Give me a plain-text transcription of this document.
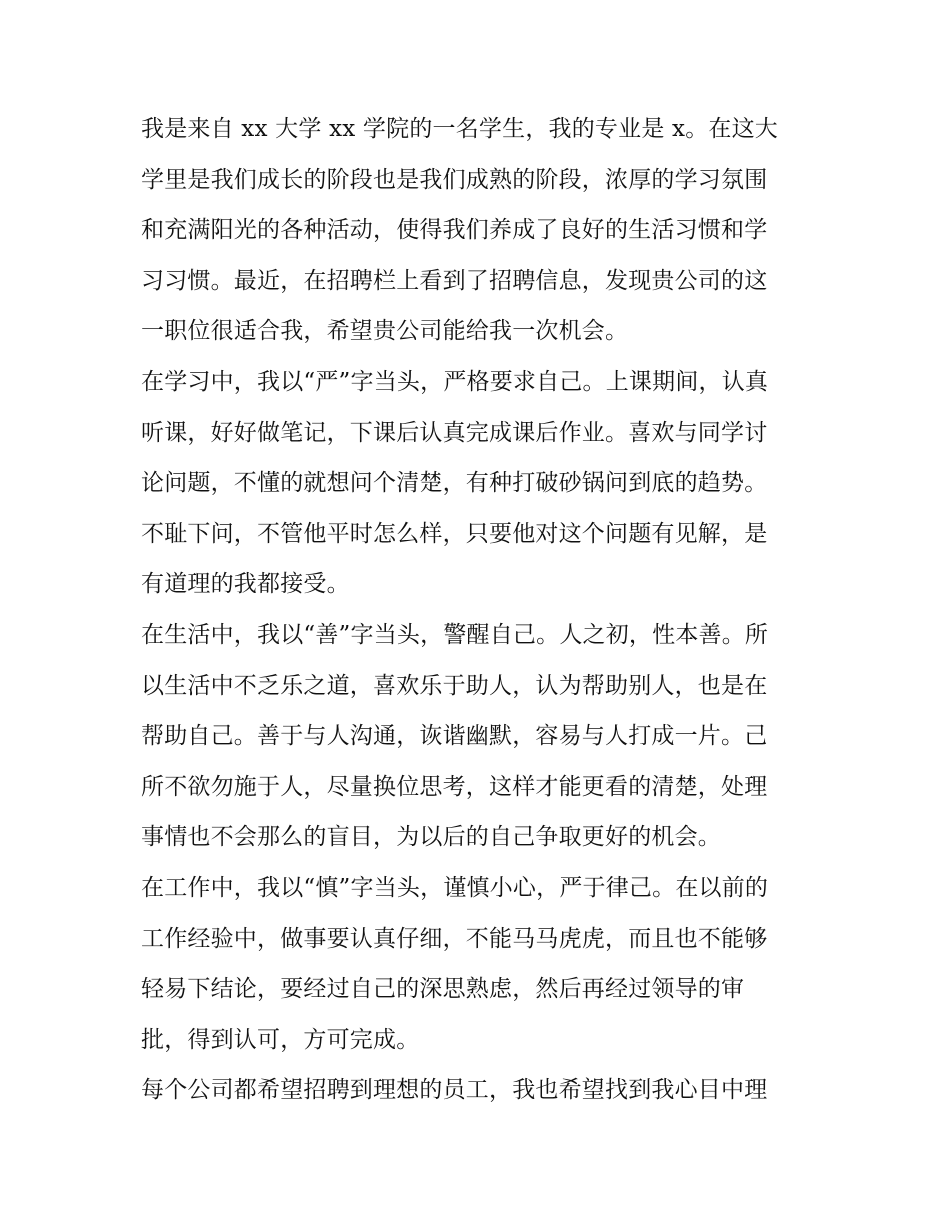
我是来自 xx 大学 xx 学院的一名学生，我的专业是 x。在这大
学里是我们成长的阶段也是我们成熟的阶段，浓厚的学习氛围
和充满阳光的各种活动，使得我们养成了良好的生活习惯和学
习习惯。最近，在招聘栏上看到了招聘信息，发现贵公司的这
一职位很适合我，希望贵公司能给我一次机会。
在学习中，我以“严”字当头，严格要求自己。上课期间，认真
听课，好好做笔记，下课后认真完成课后作业。喜欢与同学讨
论问题，不懂的就想问个清楚，有种打破砂锅问到底的趋势。
不耻下问，不管他平时怎么样，只要他对这个问题有见解，是
有道理的我都接受。
在生活中，我以“善”字当头，警醒自己。人之初，性本善。所
以生活中不乏乐之道，喜欢乐于助人，认为帮助别人，也是在
帮助自己。善于与人沟通，诙谐幽默，容易与人打成一片。己
所不欲勿施于人，尽量换位思考，这样才能更看的清楚，处理
事情也不会那么的盲目，为以后的自己争取更好的机会。
在工作中，我以“慎”字当头，谨慎小心，严于律己。在以前的
工作经验中，做事要认真仔细，不能马马虎虎，而且也不能够
轻易下结论，要经过自己的深思熟虑，然后再经过领导的审
批，得到认可，方可完成。
每个公司都希望招聘到理想的员工，我也希望找到我心目中理
